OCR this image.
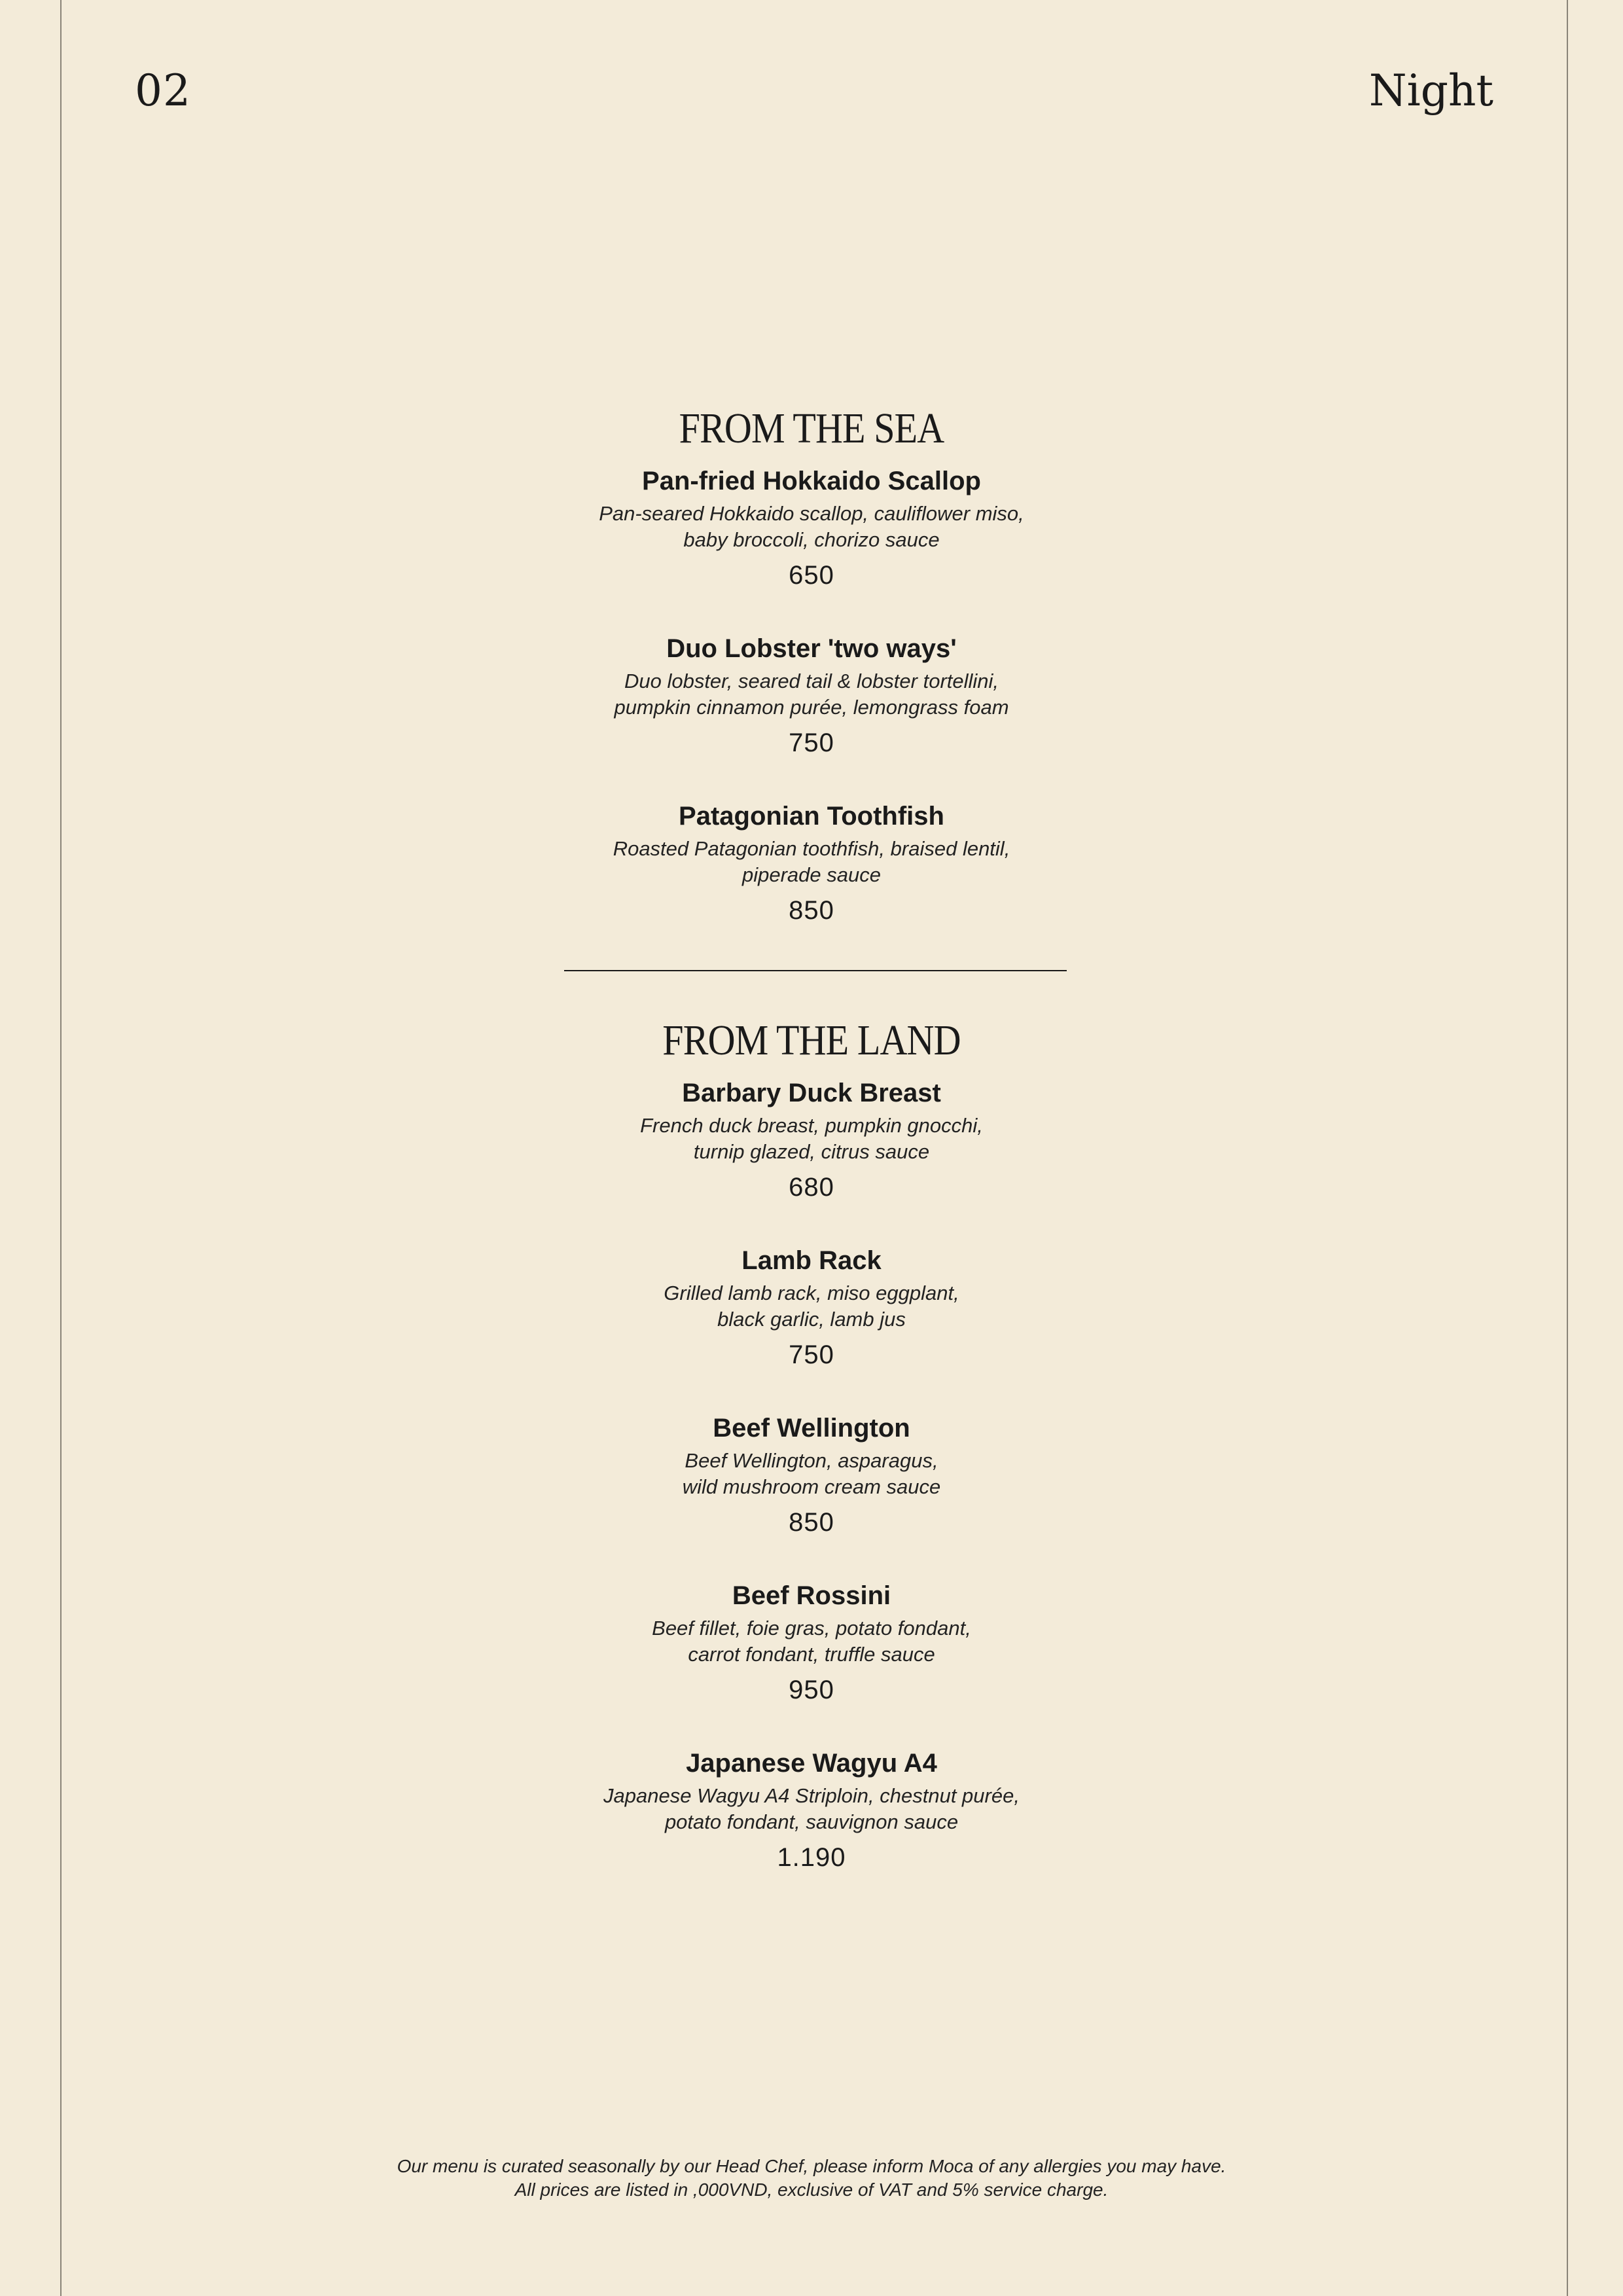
02	Night
FROM THE SEA

Pan-fried Hokkaido Scallop

Pan-seared Hokkaido scallop, cauliflower miso,
baby broccoli, chorizo sauce

650

Duo Lobster 'two ways'

Duo lobster, seared tail & lobster tortellini,
pumpkin cinnamon purée, lemongrass foam

750

Patagonian Toothfish

Roasted Patagonian toothfish, braised lentil,
piperade sauce

850

FROM THE LAND

Barbary Duck Breast

French duck breast, pumpkin gnocchi,
turnip glazed, citrus sauce

680

Lamb Rack

Grilled lamb rack, miso eggplant,
black garlic, lamb jus

750

Beef Wellington

Beef Wellington, asparagus,
wild mushroom cream sauce

850

Beef Rossini

Beef fillet, foie gras, potato fondant,
carrot fondant, truffle sauce

950

Japanese Wagyu A4

Japanese Wagyu A4 Striploin, chestnut purée,
potato fondant, sauvignon sauce

1.190

Our menu is curated seasonally by our Head Chef, please inform Moca of any allergies you may have.

All prices are listed in ,000VND, exclusive of VAT and 5% service charge.
